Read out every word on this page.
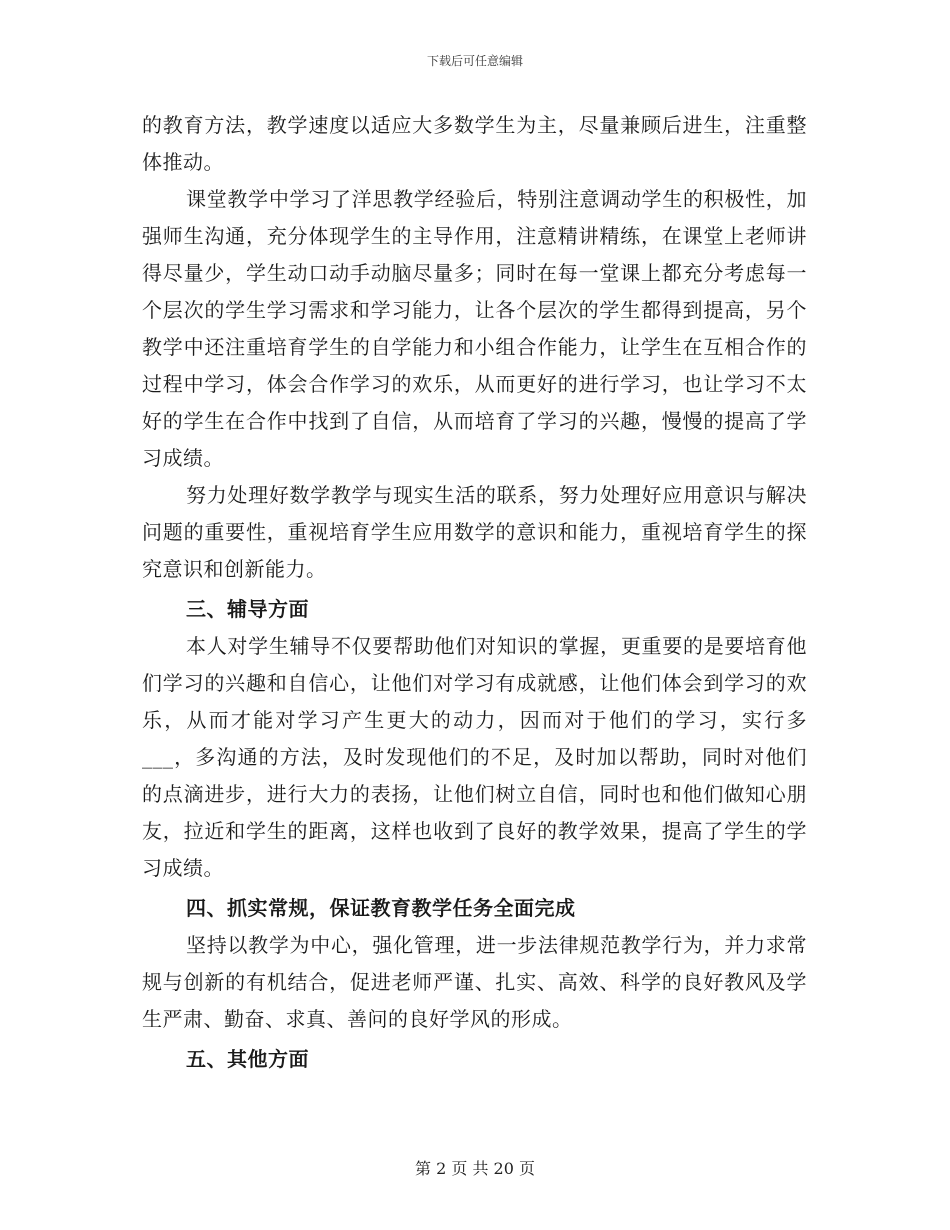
下载后可任意编辑

的教育方法，教学速度以适应大多数学生为主，尽量兼顾后进生，注重整体推动。

课堂教学中学习了洋思教学经验后，特别注意调动学生的积极性，加强师生沟通，充分体现学生的主导作用，注意精讲精练，在课堂上老师讲得尽量少，学生动口动手动脑尽量多；同时在每一堂课上都充分考虑每一个层次的学生学习需求和学习能力，让各个层次的学生都得到提高，另个教学中还注重培育学生的自学能力和小组合作能力，让学生在互相合作的过程中学习，体会合作学习的欢乐，从而更好的进行学习，也让学习不太好的学生在合作中找到了自信，从而培育了学习的兴趣，慢慢的提高了学习成绩。

努力处理好数学教学与现实生活的联系，努力处理好应用意识与解决问题的重要性，重视培育学生应用数学的意识和能力，重视培育学生的探究意识和创新能力。

三、辅导方面

本人对学生辅导不仅要帮助他们对知识的掌握，更重要的是要培育他们学习的兴趣和自信心，让他们对学习有成就感，让他们体会到学习的欢乐，从而才能对学习产生更大的动力，因而对于他们的学习，实行多___，多沟通的方法，及时发现他们的不足，及时加以帮助，同时对他们的点滴进步，进行大力的表扬，让他们树立自信，同时也和他们做知心朋友，拉近和学生的距离，这样也收到了良好的教学效果，提高了学生的学习成绩。

四、抓实常规，保证教育教学任务全面完成

坚持以教学为中心，强化管理，进一步法律规范教学行为，并力求常规与创新的有机结合，促进老师严谨、扎实、高效、科学的良好教风及学生严肃、勤奋、求真、善问的良好学风的形成。

五、其他方面

第 2 页 共 20 页
